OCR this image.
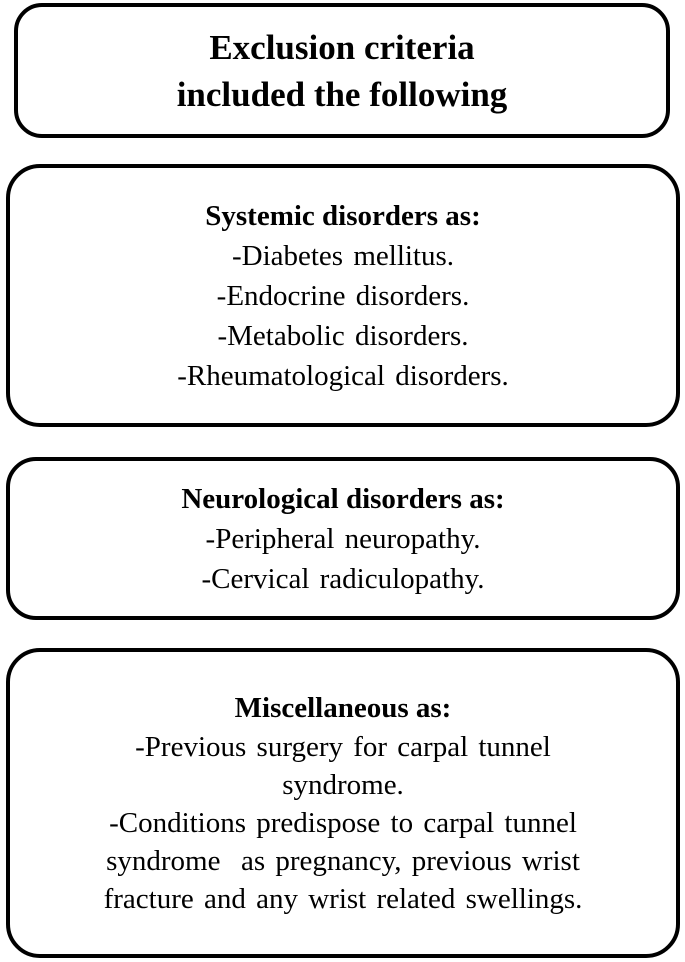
Exclusion criteria
included the following
Systemic disorders as:
-Diabetes mellitus.
-Endocrine disorders.
-Metabolic disorders.
-Rheumatological disorders.
Neurological disorders as:
-Peripheral neuropathy.
-Cervical radiculopathy.
Miscellaneous as:
-Previous surgery for carpal tunnel
syndrome.
-Conditions predispose to carpal tunnel
syndrome  as pregnancy, previous wrist
fracture and any wrist related swellings.
